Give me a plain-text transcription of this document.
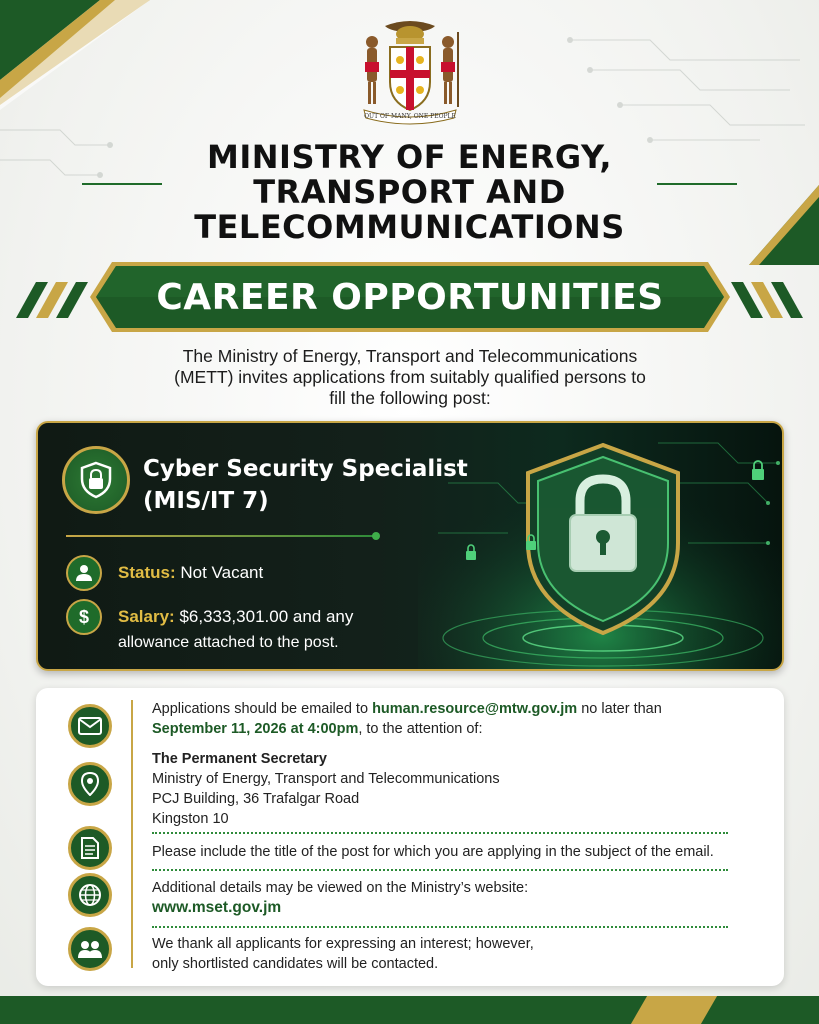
OUT OF MANY, ONE PEOPLE
MINISTRY OF ENERGY,
TRANSPORT AND
TELECOMMUNICATIONS
CAREER OPPORTUNITIES
The Ministry of Energy, Transport and Telecommunications
(METT) invites applications from suitably qualified persons to
fill the following post:
Cyber Security Specialist
(MIS/IT 7)
Status: Not Vacant
$ Salary: $6,333,301.00 and any
allowance attached to the post.
Applications should be emailed to human.resource@mtw.gov.jm no later than
September 11, 2026 at 4:00pm, to the attention of:
The Permanent Secretary
Ministry of Energy, Transport and Telecommunications
PCJ Building, 36 Trafalgar Road
Kingston 10
Please include the title of the post for which you are applying in the subject of the email.
Additional details may be viewed on the Ministry’s website:
www.mset.gov.jm
We thank all applicants for expressing an interest; however,
only shortlisted candidates will be contacted.
